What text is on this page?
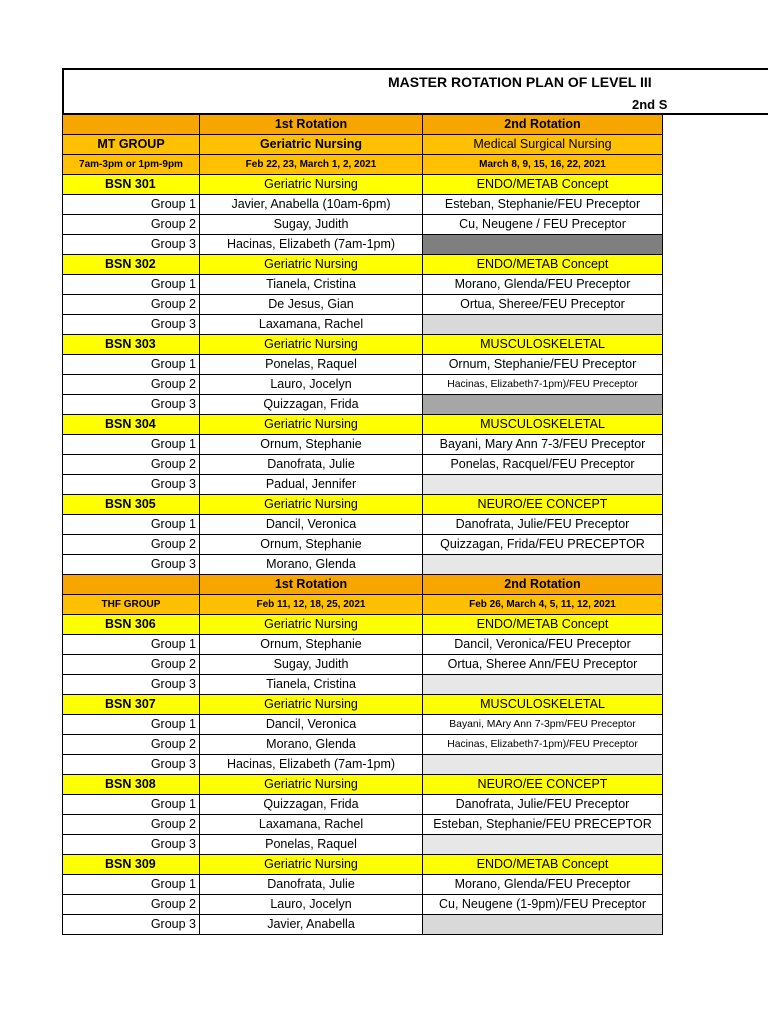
MASTER ROTATION PLAN OF LEVEL III
2nd S
	1st Rotation	2nd Rotation	
MT GROUP	Geriatric Nursing	Medical Surgical Nursing	
7am-3pm or 1pm-9pm	Feb 22, 23, March 1, 2, 2021	March 8, 9, 15, 16, 22, 2021	
BSN 301	Geriatric Nursing	ENDO/METAB Concept	
Group 1	Javier, Anabella (10am-6pm)	Esteban, Stephanie/FEU Preceptor	
Group 2	Sugay, Judith	Cu, Neugene / FEU Preceptor	
Group 3	Hacinas, Elizabeth (7am-1pm)		
BSN 302	Geriatric Nursing	ENDO/METAB Concept	
Group 1	Tianela, Cristina	Morano, Glenda/FEU Preceptor	
Group 2	De Jesus, Gian	Ortua, Sheree/FEU Preceptor	
Group 3	Laxamana, Rachel		
BSN 303	Geriatric Nursing	MUSCULOSKELETAL	
Group 1	Ponelas, Raquel	Ornum, Stephanie/FEU Preceptor	
Group 2	Lauro, Jocelyn	Hacinas, Elizabeth7-1pm)/FEU Preceptor	
Group 3	Quizzagan, Frida		
BSN 304	Geriatric Nursing	MUSCULOSKELETAL	
Group 1	Ornum, Stephanie	Bayani, Mary Ann 7-3/FEU Preceptor	
Group 2	Danofrata, Julie	Ponelas, Racquel/FEU Preceptor	
Group 3	Padual, Jennifer		
BSN 305	Geriatric Nursing	NEURO/EE CONCEPT	
Group 1	Dancil, Veronica	Danofrata, Julie/FEU Preceptor	
Group 2	Ornum, Stephanie	Quizzagan, Frida/FEU PRECEPTOR	
Group 3	Morano, Glenda		
	1st Rotation	2nd Rotation	
THF GROUP	Feb 11, 12, 18, 25, 2021	Feb 26, March 4, 5, 11, 12, 2021	
BSN 306	Geriatric Nursing	ENDO/METAB Concept	
Group 1	Ornum, Stephanie	Dancil, Veronica/FEU Preceptor	
Group 2	Sugay, Judith	Ortua, Sheree Ann/FEU Preceptor	
Group 3	Tianela, Cristina		
BSN 307	Geriatric Nursing	MUSCULOSKELETAL	
Group 1	Dancil, Veronica	Bayani, MAry Ann 7-3pm/FEU Preceptor	
Group 2	Morano, Glenda	Hacinas, Elizabeth7-1pm)/FEU Preceptor	
Group 3	Hacinas, Elizabeth (7am-1pm)		
BSN 308	Geriatric Nursing	NEURO/EE CONCEPT	
Group 1	Quizzagan, Frida	Danofrata, Julie/FEU Preceptor	
Group 2	Laxamana, Rachel	Esteban, Stephanie/FEU PRECEPTOR	
Group 3	Ponelas, Raquel		
BSN 309	Geriatric Nursing	ENDO/METAB Concept	
Group 1	Danofrata, Julie	Morano, Glenda/FEU Preceptor	
Group 2	Lauro, Jocelyn	Cu, Neugene (1-9pm)/FEU Preceptor	
Group 3	Javier, Anabella		
